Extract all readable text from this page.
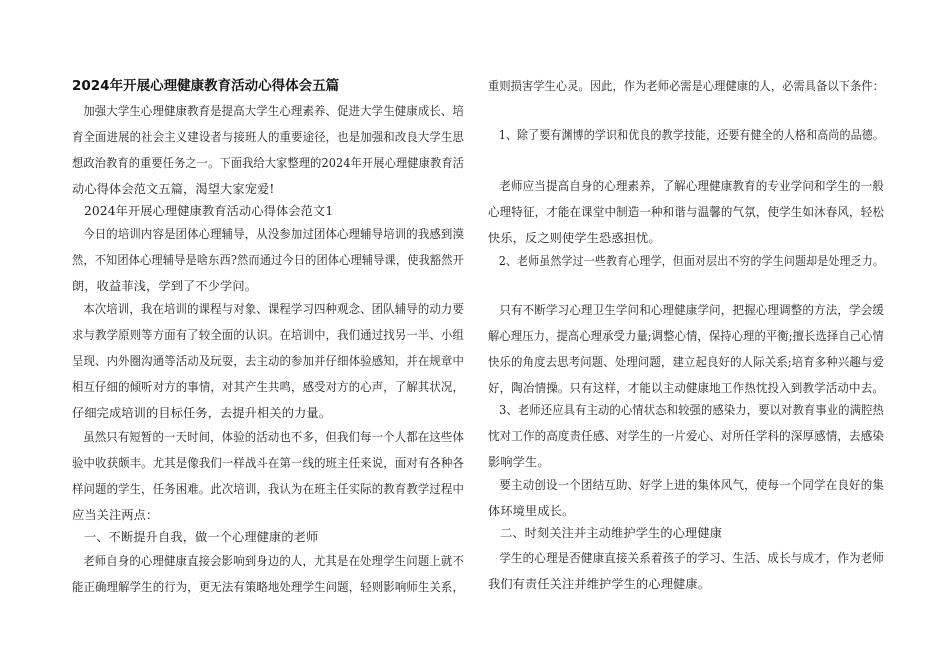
2024年开展心理健康教育活动心得体会五篇

加强大学生心理健康教育是提高大学生心理素养、促进大学生健康成长、培
育全面进展的社会主义建设者与接班人的重要途径，也是加强和改良大学生思
想政治教育的重要任务之一。下面我给大家整理的2024年开展心理健康教育活
动心得体会范文五篇，渴望大家宠爱!

2024年开展心理健康教育活动心得体会范文1

今日的培训内容是团体心理辅导，从没参加过团体心理辅导培训的我感到漠
然，不知团体心理辅导是啥东西?然而通过今日的团体心理辅导课，使我豁然开
朗，收益菲浅，学到了不少学问。

本次培训，我在培训的课程与对象、课程学习四种观念、团队辅导的动力要
求与教学原则等方面有了较全面的认识。在培训中，我们通过找另一半、小组
呈现、内外圈沟通等活动及玩耍，去主动的参加并仔细体验感知，并在规章中
相互仔细的倾听对方的事情，对其产生共鸣，感受对方的心声，了解其状况，
仔细完成培训的目标任务，去提升相关的力量。

虽然只有短暂的一天时间，体验的活动也不多，但我们每一个人都在这些体
验中收获颇丰。尤其是像我们一样战斗在第一线的班主任来说，面对有各种各
样问题的学生，任务困难。此次培训，我认为在班主任实际的教育教学过程中
应当关注两点：

一、不断提升自我，做一个心理健康的老师

老师自身的心理健康直接会影响到身边的人，尤其是在处理学生问题上就不
能正确理解学生的行为，更无法有策略地处理学生问题，轻则影响师生关系，

重则损害学生心灵。因此，作为老师必需是心理健康的人，必需具备以下条件：

1、除了要有渊博的学识和优良的教学技能，还要有健全的人格和高尚的品德。

老师应当提高自身的心理素养，了解心理健康教育的专业学问和学生的一般
心理特征，才能在课堂中制造一种和谐与温馨的气氛，使学生如沐春风，轻松
快乐，反之则使学生恐惑担忧。

2、老师虽然学过一些教育心理学，但面对层出不穷的学生问题却是处理乏力。

只有不断学习心理卫生学问和心理健康学问，把握心理调整的方法，学会缓
解心理压力，提高心理承受力量;调整心情，保持心理的平衡;擅长选择自己心情
快乐的角度去思考问题、处理问题，建立起良好的人际关系;培育多种兴趣与爱
好，陶冶情操。只有这样，才能以主动健康地工作热忱投入到教学活动中去。

3、老师还应具有主动的心情状态和较强的感染力，要以对教育事业的满腔热
忱对工作的高度责任感、对学生的一片爱心、对所任学科的深厚感情，去感染
影响学生。

要主动创设一个团结互助、好学上进的集体风气，使每一个同学在良好的集
体环境里成长。

二、时刻关注并主动维护学生的心理健康

学生的心理是否健康直接关系着孩子的学习、生活、成长与成才，作为老师
我们有责任关注并维护学生的心理健康。
